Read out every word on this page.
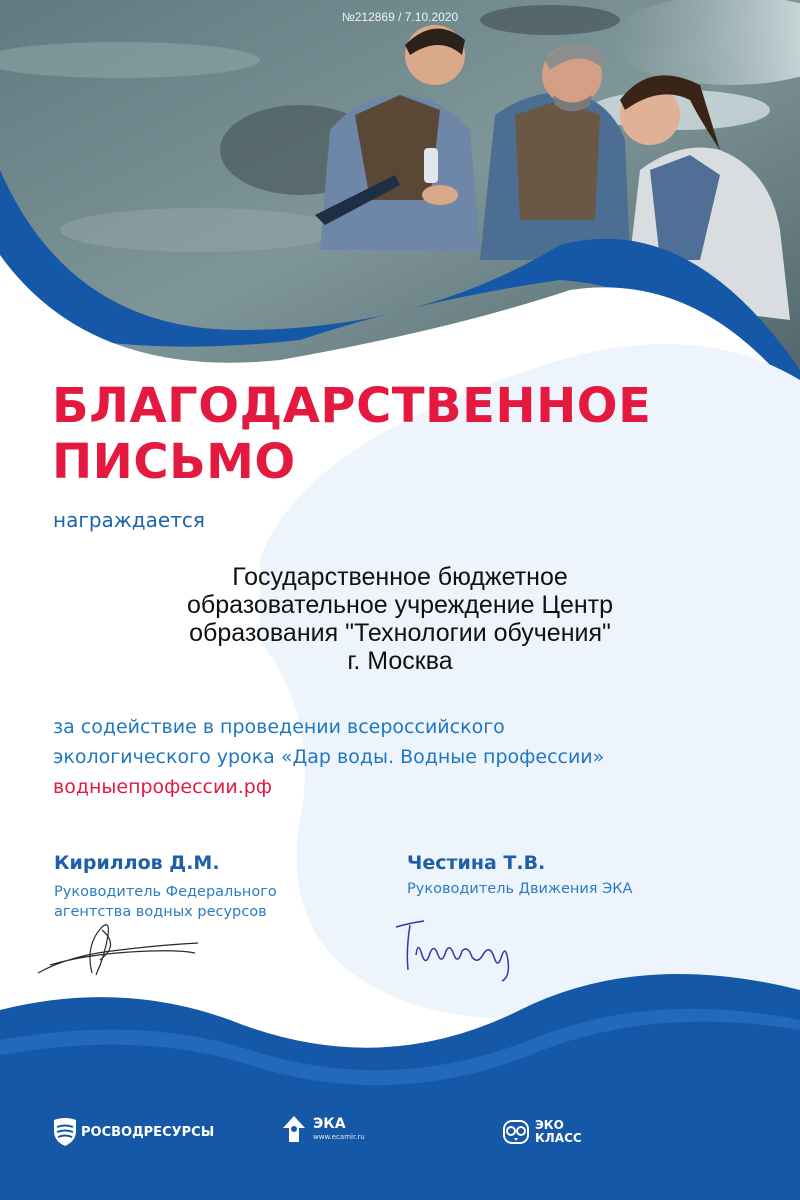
№212869 / 7.10.2020
БЛАГОДАРСТВЕННОЕ
ПИСЬМО
награждается
Государственное бюджетное
образовательное учреждение Центр
образования "Технологии обучения"
г. Москва
за содействие в проведении всероссийского
экологического урока «Дар воды. Водные профессии»
водныепрофессии.рф
Кириллов Д.М.
Руководитель Федерального
агентства водных ресурсов
Честина Т.В.
Руководитель Движения ЭКА
РОСВОДРЕСУРСЫ
ЭКА
www.ecamir.ru
ЭКО
КЛАСС
